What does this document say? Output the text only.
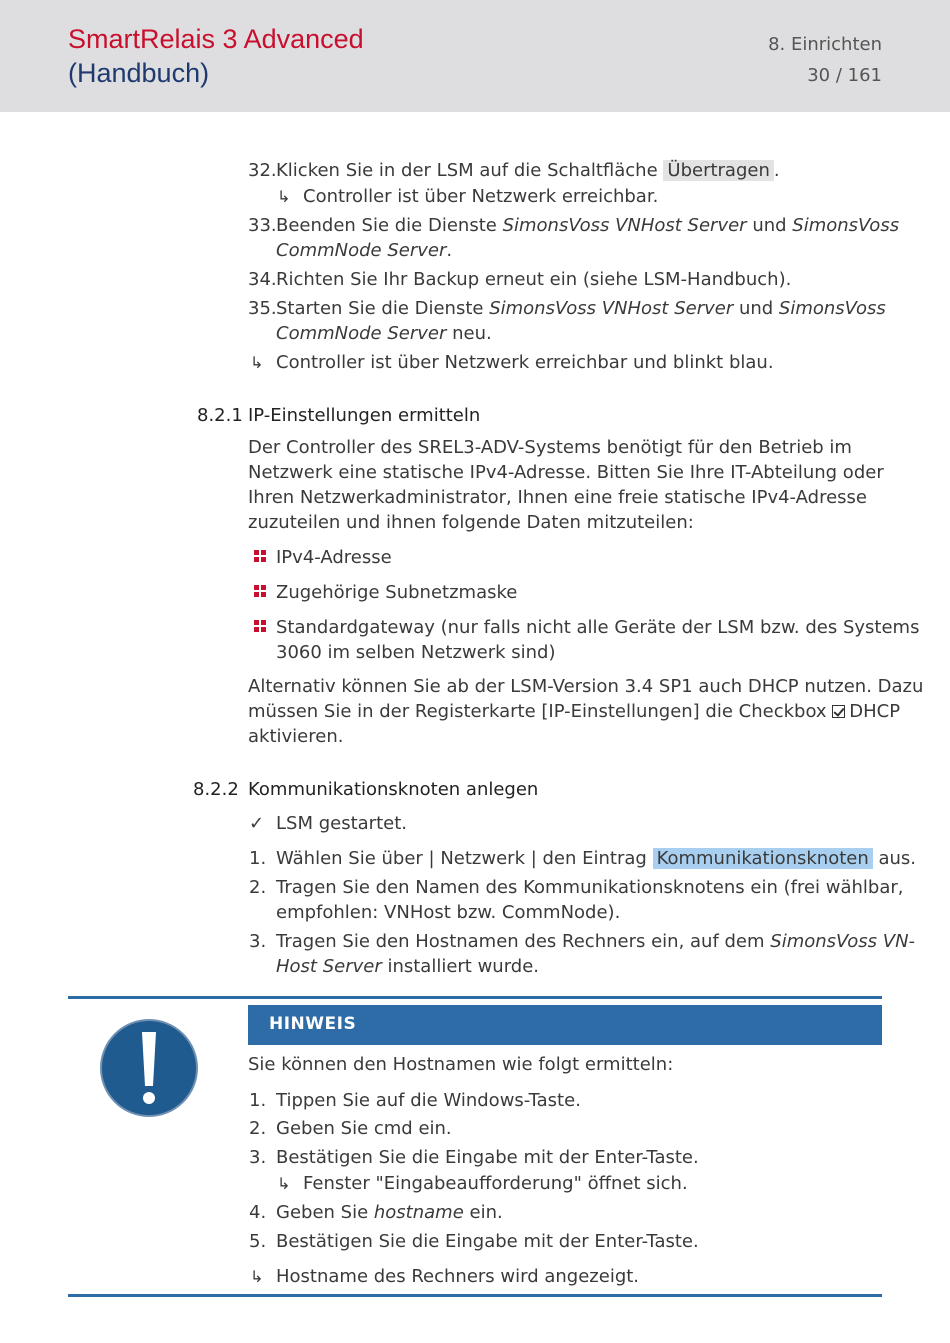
SmartRelais 3 Advanced
(Handbuch)
8. Einrichten
30 / 161
32. Klicken Sie in der LSM auf die Schaltfläche Übertragen .
↳ Controller ist über Netzwerk erreichbar.
33. Beenden Sie die Dienste SimonsVoss VNHost Server und SimonsVoss
CommNode Server.
34. Richten Sie Ihr Backup erneut ein (siehe LSM-Handbuch).
35. Starten Sie die Dienste SimonsVoss VNHost Server und SimonsVoss
CommNode Server neu.
↳ Controller ist über Netzwerk erreichbar und blinkt blau.
8.2.1 IP-Einstellungen ermitteln
Der Controller des SREL3-ADV-Systems benötigt für den Betrieb im
Netzwerk eine statische IPv4-Adresse. Bitten Sie Ihre IT-Abteilung oder
Ihren Netzwerkadministrator, Ihnen eine freie statische IPv4-Adresse
zuzuteilen und ihnen folgende Daten mitzuteilen:
IPv4-Adresse
Zugehörige Subnetzmaske
Standardgateway (nur falls nicht alle Geräte der LSM bzw. des Systems
3060 im selben Netzwerk sind)
Alternativ können Sie ab der LSM-Version 3.4 SP1 auch DHCP nutzen. Dazu
müssen Sie in der Registerkarte [IP-Einstellungen] die Checkbox DHCP
aktivieren.
8.2.2 Kommunikationsknoten anlegen
✓ LSM gestartet.
1. Wählen Sie über | Netzwerk | den Eintrag Kommunikationsknoten aus.
2. Tragen Sie den Namen des Kommunikationsknotens ein (frei wählbar,
empfohlen: VNHost bzw. CommNode).
3. Tragen Sie den Hostnamen des Rechners ein, auf dem SimonsVoss VN-
Host Server installiert wurde.
HINWEIS
Sie können den Hostnamen wie folgt ermitteln:
1. Tippen Sie auf die Windows-Taste.
2. Geben Sie cmd ein.
3. Bestätigen Sie die Eingabe mit der Enter-Taste.
↳ Fenster "Eingabeaufforderung" öffnet sich.
4. Geben Sie hostname ein.
5. Bestätigen Sie die Eingabe mit der Enter-Taste.
↳ Hostname des Rechners wird angezeigt.
